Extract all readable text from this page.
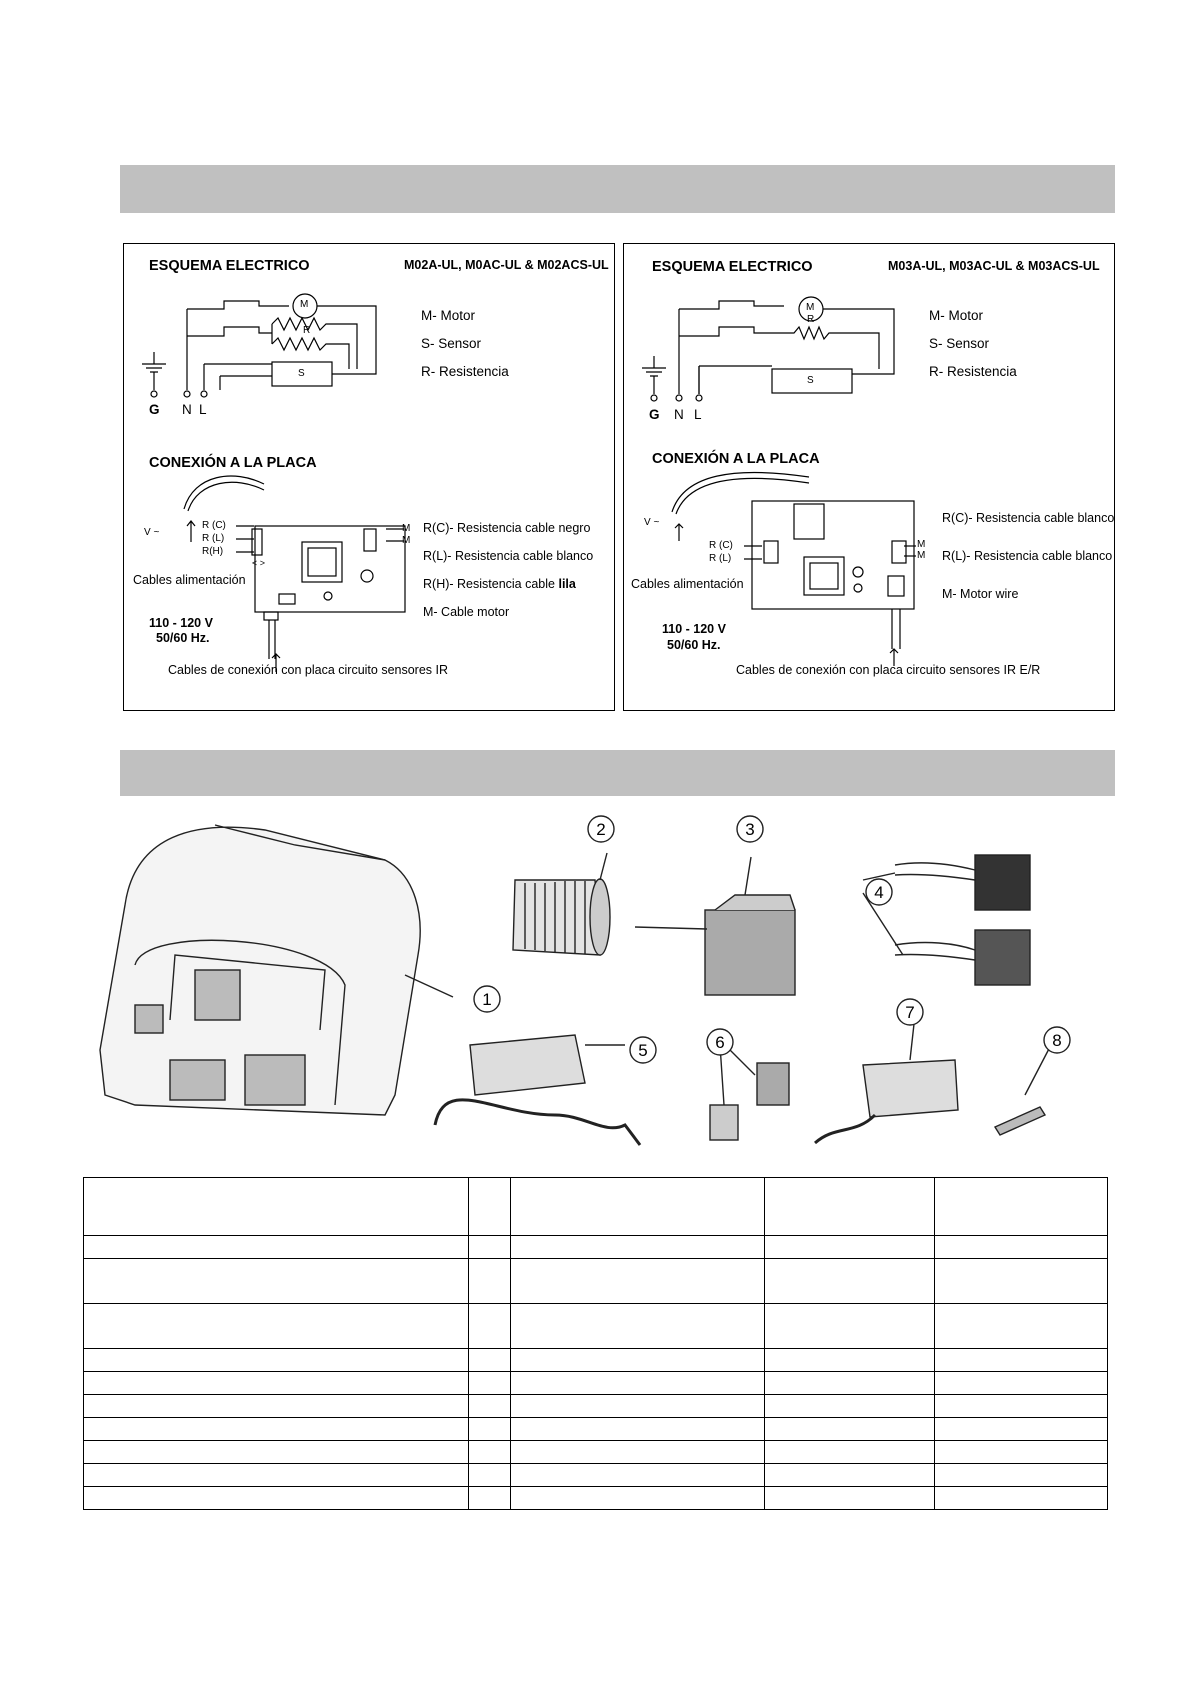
ESQUEMA ELECTRICO	M02A-UL, M0AC-UL & M02ACS-UL
M
R
S
M- Motor
S- Sensor
R- Resistencia
G N L
CONEXIÓN A LA PLACA
V ~
R (C)
R (L)
R(H)
< >
M
M
Cables alimentación
110 - 120 V
50/60 Hz.
R(C)- Resistencia cable negro
R(L)- Resistencia cable blanco
R(H)- Resistencia cable lila
M- Cable motor
Cables de conexión con placa circuito sensores IR
ESQUEMA ELECTRICO	M03A-UL, M03AC-UL & M03ACS-UL
M
R
S
M- Motor
S- Sensor
R- Resistencia
G N L
CONEXIÓN A LA PLACA
V ~
R (C)
R (L)
M
M
Cables alimentación
110 - 120 V
50/60 Hz.
R(C)- Resistencia cable blanco
R(L)- Resistencia cable blanco
M- Motor wire
Cables de conexión con placa circuito sensores IR E/R
1
2	3
4
5	6
7
8
